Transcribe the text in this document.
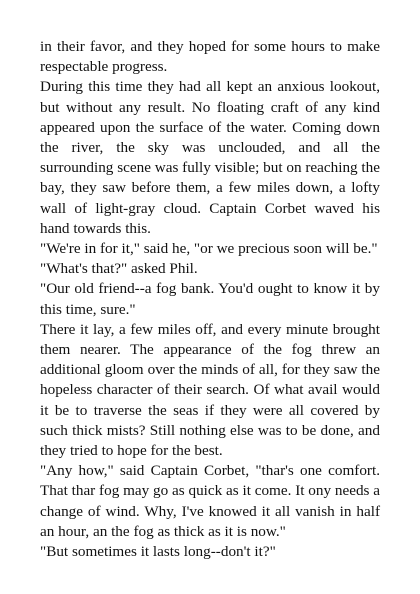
in their favor, and they hoped for some hours to make respectable progress.

During this time they had all kept an anxious lookout, but without any result. No floating craft of any kind appeared upon the surface of the water. Coming down the river, the sky was unclouded, and all the surrounding scene was fully visible; but on reaching the bay, they saw before them, a few miles down, a lofty wall of light-gray cloud. Captain Corbet waved his hand towards this.

"We're in for it," said he, "or we precious soon will be."

"What's that?" asked Phil.

"Our old friend--a fog bank. You'd ought to know it by this time, sure."

There it lay, a few miles off, and every minute brought them nearer. The appearance of the fog threw an additional gloom over the minds of all, for they saw the hopeless character of their search. Of what avail would it be to traverse the seas if they were all covered by such thick mists? Still nothing else was to be done, and they tried to hope for the best.

"Any how," said Captain Corbet, "thar's one comfort. That thar fog may go as quick as it come. It ony needs a change of wind. Why, I've knowed it all vanish in half an hour, an the fog as thick as it is now."

"But sometimes it lasts long--don't it?"
